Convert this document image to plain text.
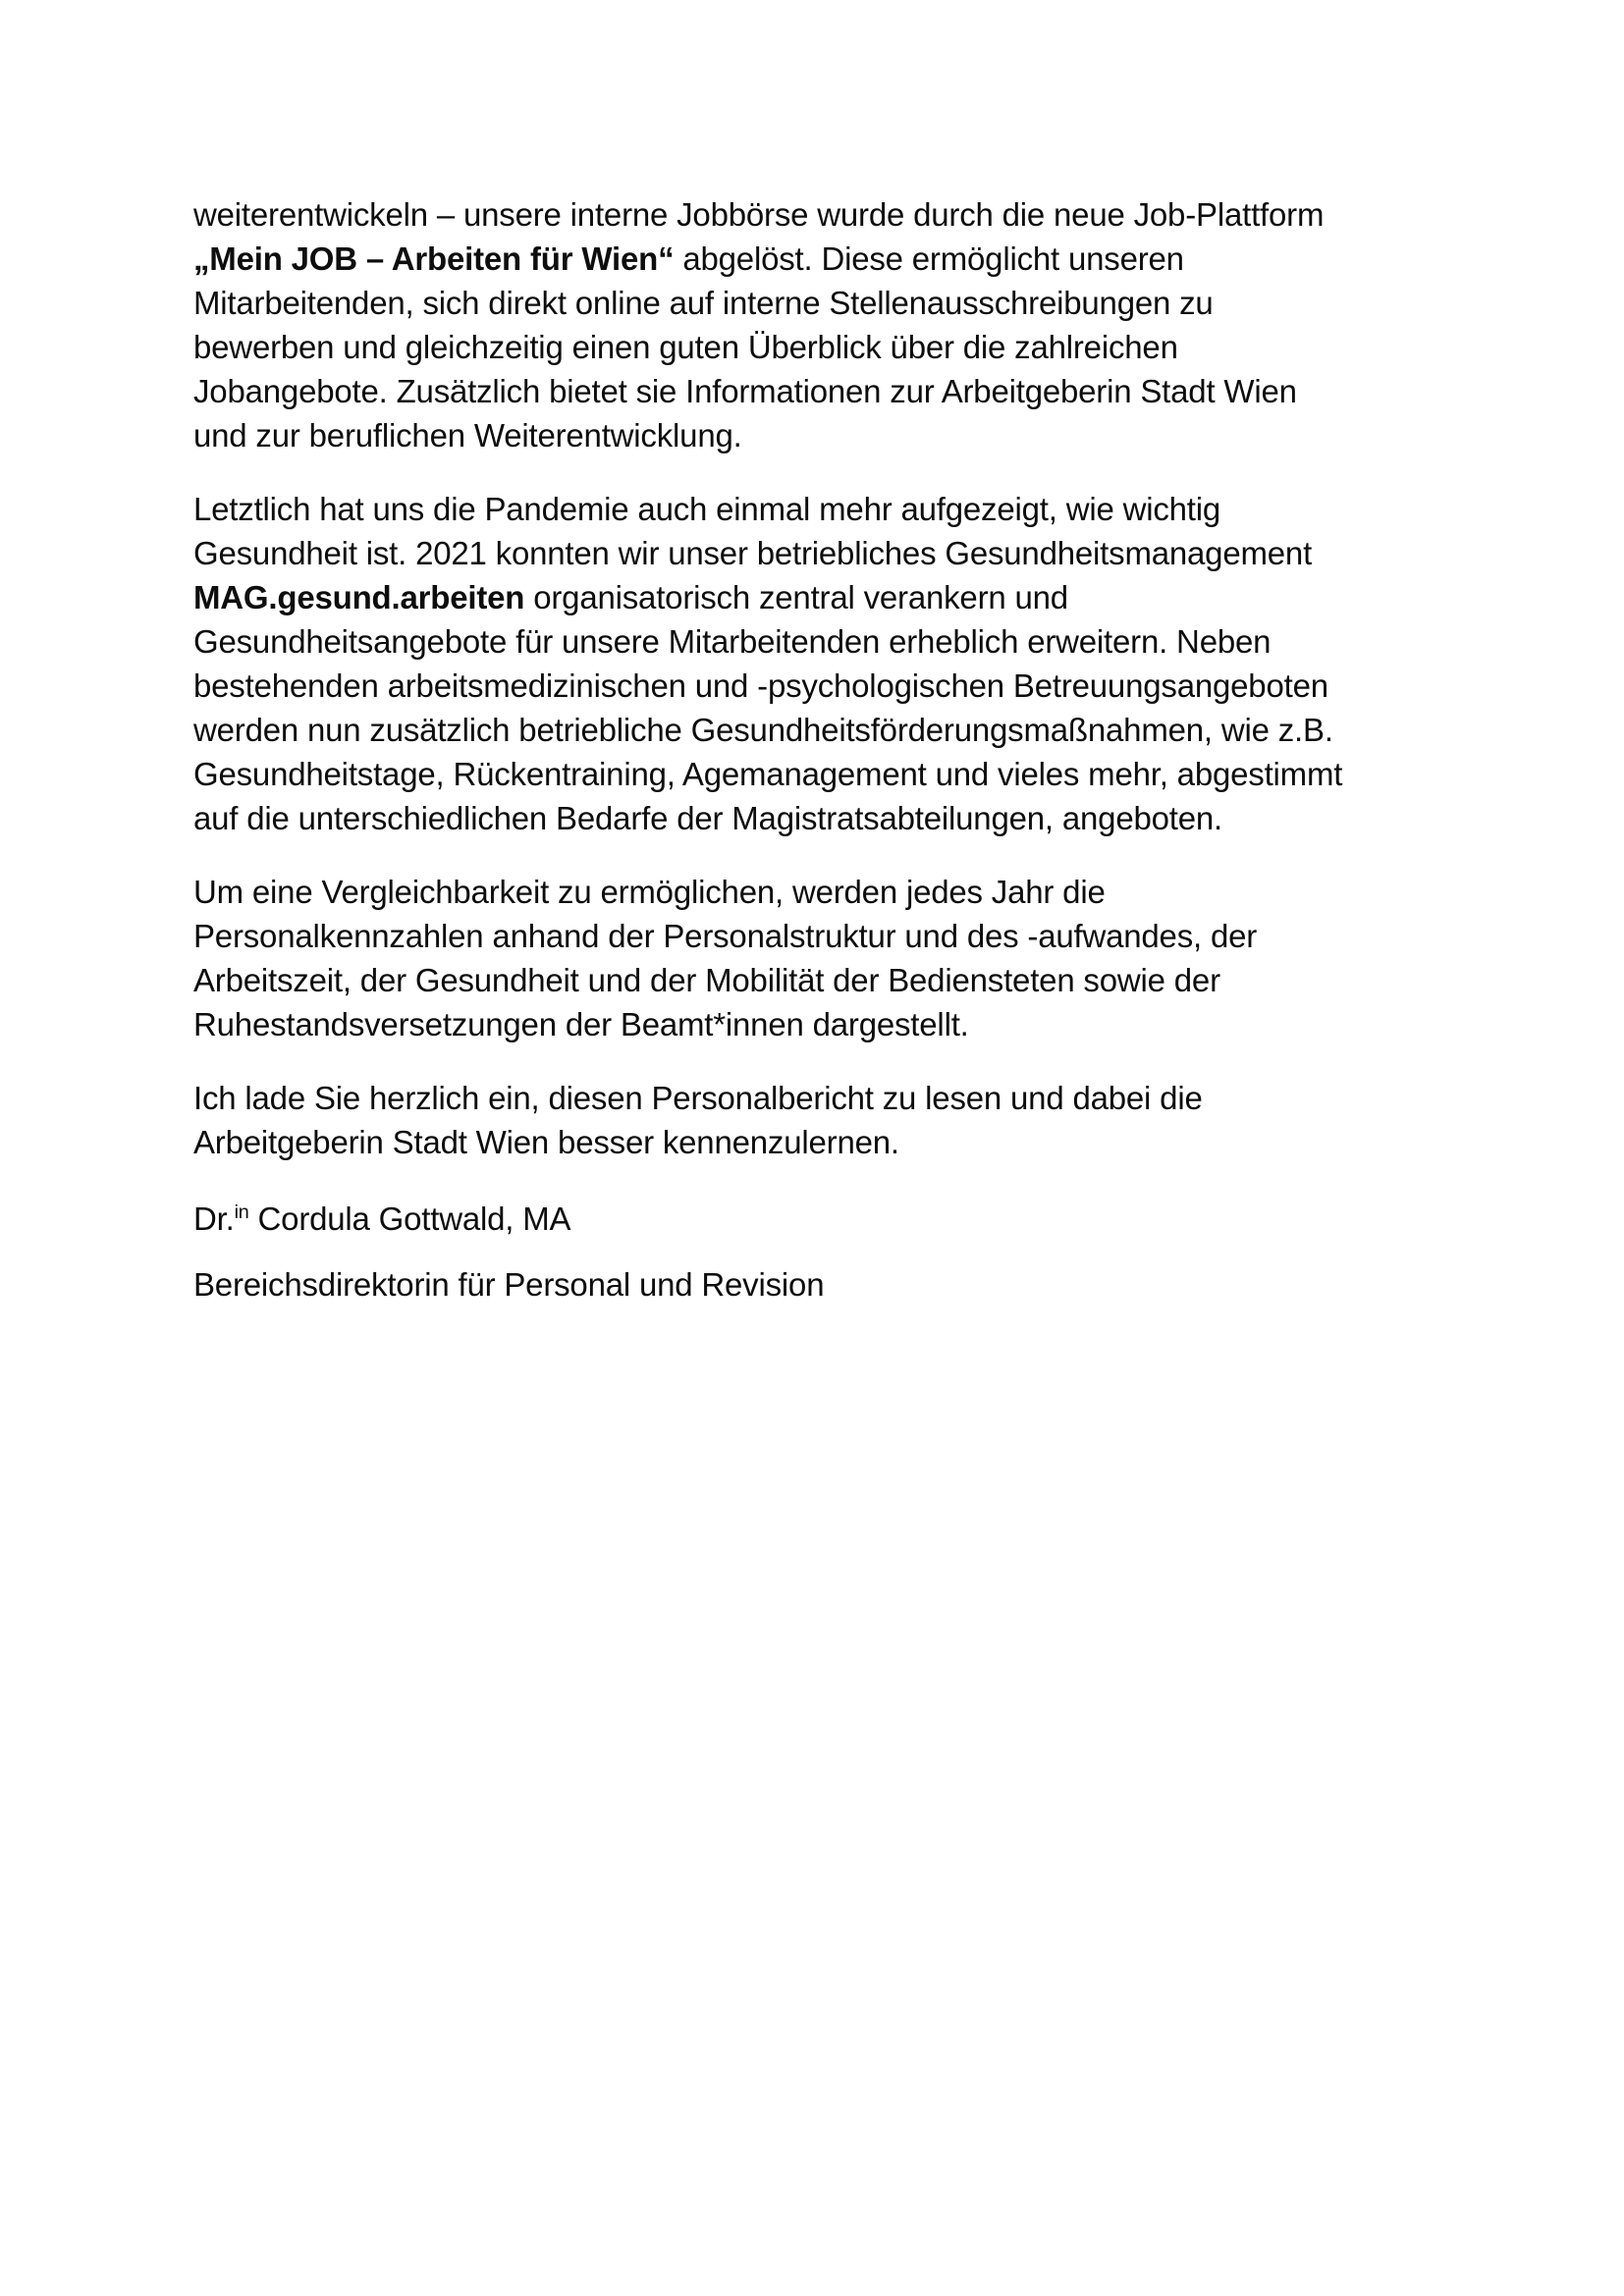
weiterentwickeln – unsere interne Jobbörse wurde durch die neue Job-Plattform
„Mein JOB – Arbeiten für Wien“ abgelöst. Diese ermöglicht unseren
Mitarbeitenden, sich direkt online auf interne Stellenausschreibungen zu
bewerben und gleichzeitig einen guten Überblick über die zahlreichen
Jobangebote. Zusätzlich bietet sie Informationen zur Arbeitgeberin Stadt Wien
und zur beruflichen Weiterentwicklung.

Letztlich hat uns die Pandemie auch einmal mehr aufgezeigt, wie wichtig
Gesundheit ist. 2021 konnten wir unser betriebliches Gesundheitsmanagement
MAG.gesund.arbeiten organisatorisch zentral verankern und
Gesundheitsangebote für unsere Mitarbeitenden erheblich erweitern. Neben
bestehenden arbeitsmedizinischen und -psychologischen Betreuungsangeboten
werden nun zusätzlich betriebliche Gesundheitsförderungsmaßnahmen, wie z.B.
Gesundheitstage, Rückentraining, Agemanagement und vieles mehr, abgestimmt
auf die unterschiedlichen Bedarfe der Magistratsabteilungen, angeboten.

Um eine Vergleichbarkeit zu ermöglichen, werden jedes Jahr die
Personalkennzahlen anhand der Personalstruktur und des -aufwandes, der
Arbeitszeit, der Gesundheit und der Mobilität der Bediensteten sowie der
Ruhestandsversetzungen der Beamt*innen dargestellt.

Ich lade Sie herzlich ein, diesen Personalbericht zu lesen und dabei die
Arbeitgeberin Stadt Wien besser kennenzulernen.

Dr.$^{in}$ Cordula Gottwald, MA

Bereichsdirektorin für Personal und Revision
